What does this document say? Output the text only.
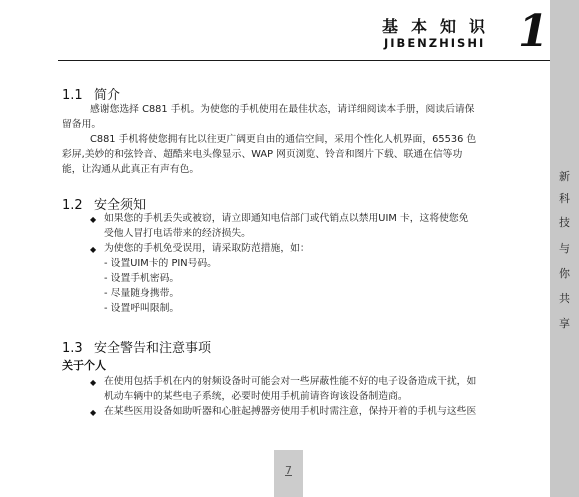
基本知识
JIBENZHISHI 1
新
科
技
与
你
共
享
1.1 简介
感谢您选择 C881 手机。为使您的手机使用在最佳状态，请详细阅读本手册，阅读后请保
留备用。
C881 手机将使您拥有比以往更广阔更自由的通信空间，采用个性化人机界面，65536 色
彩屏,美妙的和弦铃音、超酷来电头像显示、WAP 网页浏览、铃音和图片下载、联通在信等功
能，让沟通从此真正有声有色。
1.2 安全须知
◆ 如果您的手机丢失或被窃，请立即通知电信部门或代销点以禁用UIM 卡，这将使您免
受他人冒打电话带来的经济损失。
◆ 为使您的手机免受误用，请采取防范措施，如：
- 设置UIM卡的 PIN号码。
- 设置手机密码。
- 尽量随身携带。
- 设置呼叫限制。
1.3 安全警告和注意事项
关于个人
◆ 在使用包括手机在内的射频设备时可能会对一些屏蔽性能不好的电子设备造成干扰，如
机动车辆中的某些电子系统，必要时使用手机前请咨询该设备制造商。
◆ 在某些医用设备如助听器和心脏起搏器旁使用手机时需注意，保持开着的手机与这些医
7
